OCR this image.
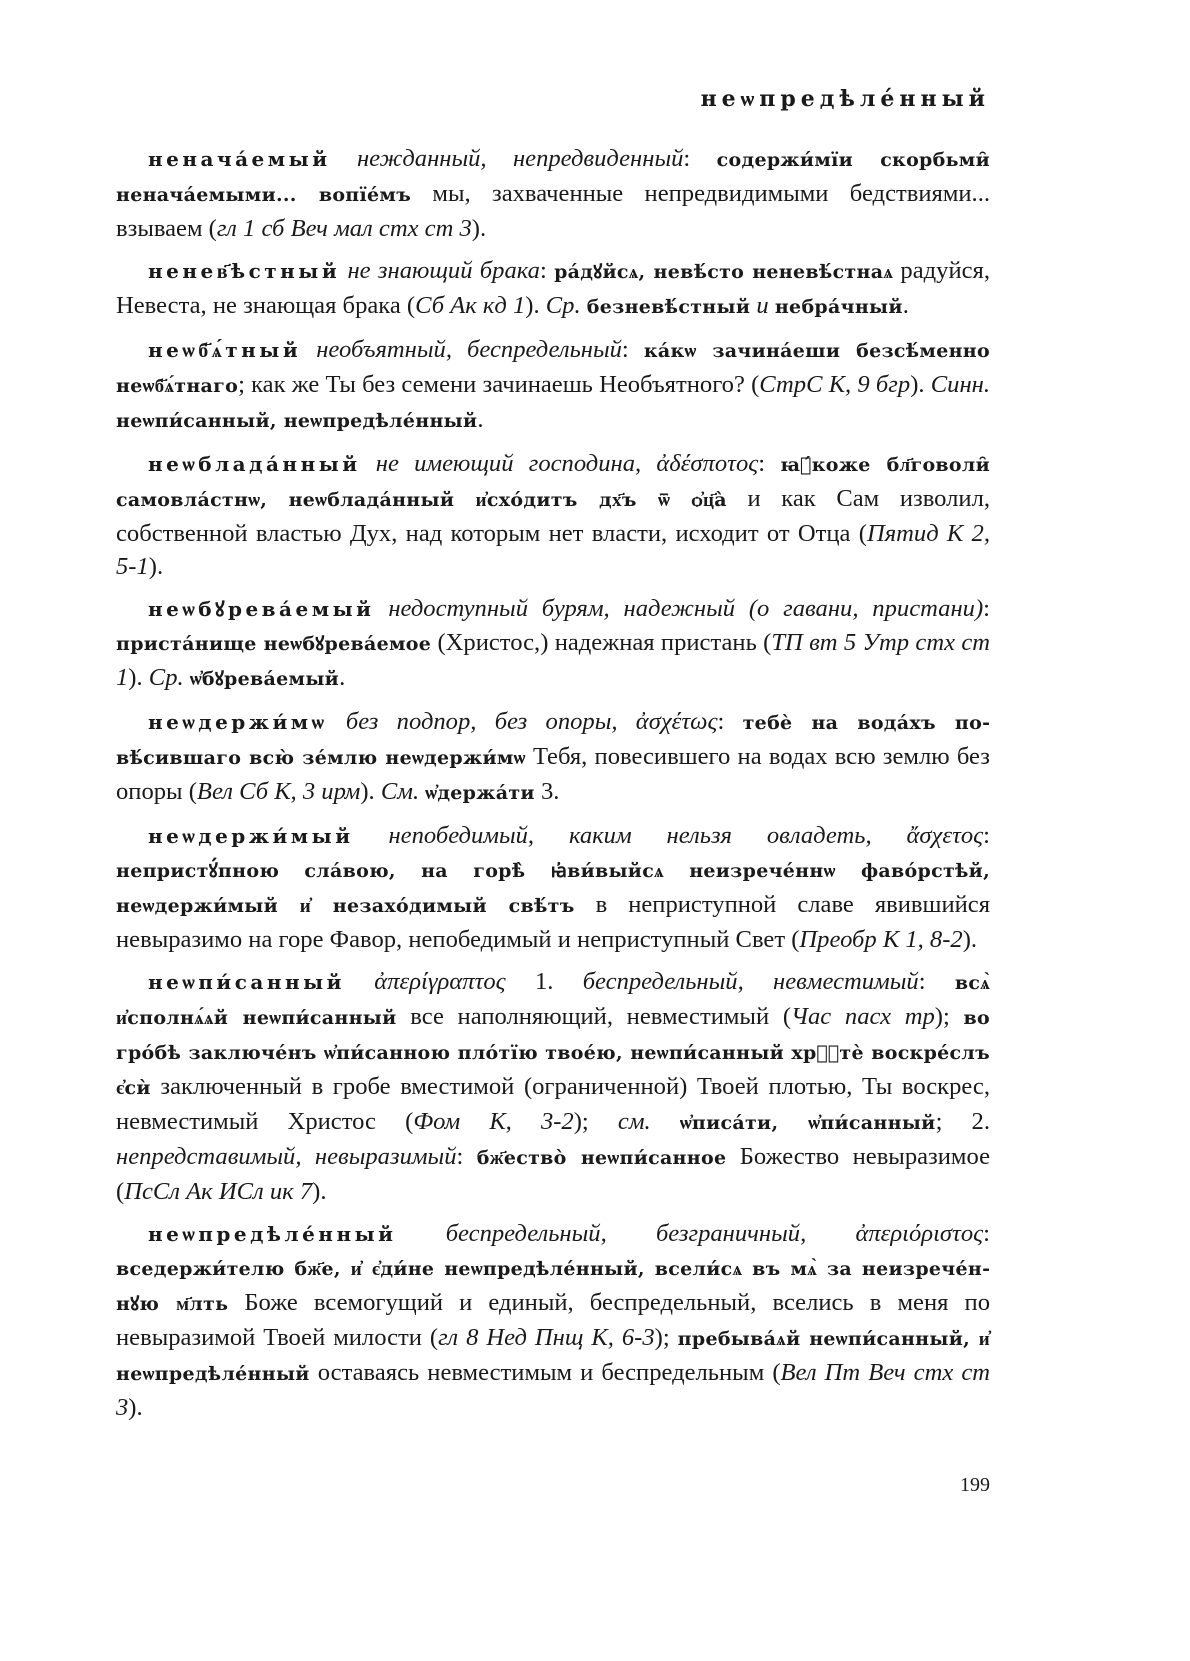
неѡпредѣле́нный

ненача́емый нежданный, непредвиденный: содержи́мїи скорбьми̑ ненача́емыми... вопїе́мъ мы, захваченные непредвидимыми бедствиями... взываем (гл 1 сб Веч мал стх ст 3).

ненев҃ѣстный не знающий брака: ра́дꙋйсѧ, невѣ́сто неневѣ́стнаѧ радуйся, Невеста, не знающая брака (Сб Ак кд 1). Ср. безневѣ́стный и небра́чный.

неѡб҃ѧ́тный необъятный, беспредельный: ка́кѡ зачина́еши безсѣ́менно неѡб҃ѧ́тнаго; как же Ты без семени зачинаешь Необъятного? (СтрС К, 9 бгр). Синн. неѡпи́санный, неѡпредѣле́нный.

неѡблада́нный не имеющий господина, ἀδέσποτος: ꙗ҆́коже бл҃говоли̑ самовла́стнѡ, неѡблада́нный и҆схо́дитъ дх҃ъ ѿ ѻ҆ц҃а̀ и как Сам изволил, собственной властью Дух, над которым нет власти, исходит от Отца (Пятид К 2, 5-1).

неѡбꙋрева́емый недоступный бурям, надежный (о гавани, пристани): пристáнище неѡбꙋрева́емое (Христос,) надежная пристань (ТП вт 5 Утр стх ст 1). Ср. ѡ҆бꙋрева́емый.

неѡдержи́мѡ без подпор, без опоры, ἀσχέτως: тебѐ на вода́хъ повѣ́сившаго всю̀ зе́млю неѡдержи́мѡ Тебя, повесившего на водах всю землю без опоры (Вел Сб К, 3 ирм). См. ѡ҆держа́ти 3.

неѡдержи́мый непобедимый, каким нельзя овладеть, ἄσχετος: непристꙋ́пною сла́вою, на горѣ̀ ꙗ҆ви́выйсѧ неизрече́ннѡ фаво́рстѣй, неѡдержи́мый и҆ незахо́димый свѣ́тъ в неприступной славе явившийся невыразимо на горе Фавор, непобедимый и неприступный Свет (Преобр К 1, 8-2).

неѡпи́санный ἀπερίγραπτος 1. беспредельный, невместимый: всѧ̀ и҆сполнѧ́ѧй неѡпи́санный все наполняющий, невместимый (Час пасх тр); во гро́бѣ заключе́нъ ѡ҆пи́санною пло́тїю твое́ю, неѡпи́санный хрⷭ҇тѐ воскре́слъ є҆сѝ заключенный в гробе вместимой (ограниченной) Твоей плотью, Ты воскрес, невместимый Христос (Фом К, 3-2); см. ѡ҆писа́ти, ѡ҆пи́санный; 2. непредставимый, невыразимый: бж҃ество̀ неѡпи́санное Божество невыразимое (ПсСл Ак ИСл ик 7).

неѡпредѣле́нный беспредельный, безграничный, ἀπεριόριστος: вседержи́телю бж҃е, и҆ є҆ди́не неѡпредѣле́нный, всели́сѧ въ мѧ̀ за неизрече́ннꙋю м҃лть Боже всемогущий и единый, беспредельный, вселись в меня по невыразимой Твоей милости (гл 8 Нед Пнщ К, 6-3); пребыва́ѧй неѡпи́санный, и҆ неѡпредѣле́нный оставаясь невместимым и беспредельным (Вел Пт Веч стх ст 3).

199
